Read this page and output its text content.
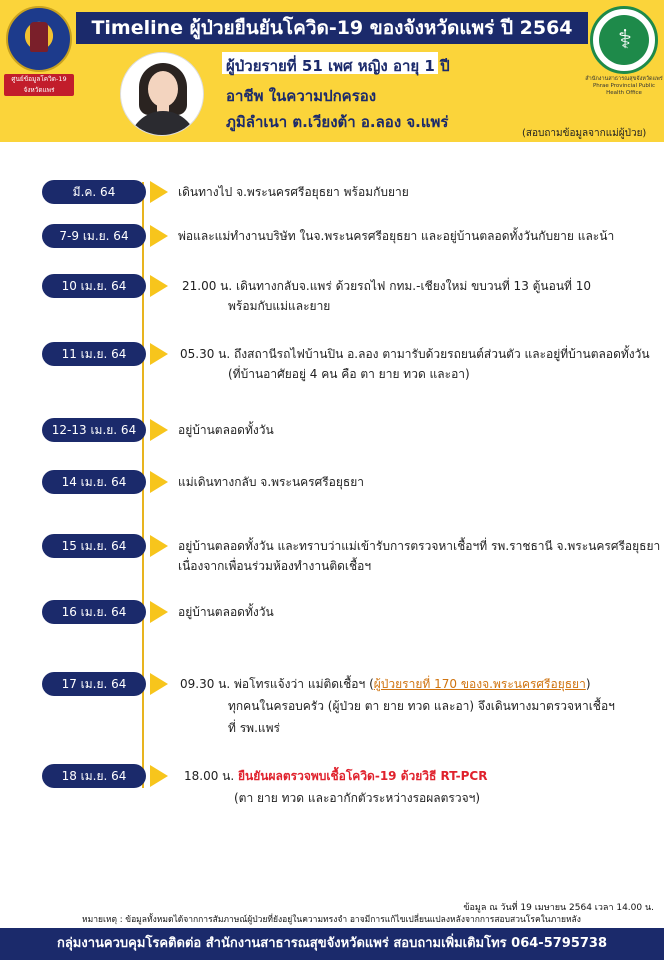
ศูนย์ข้อมูลโควิด-19 จังหวัดแพร่
Timeline ผู้ป่วยยืนยันโควิด-19 ของจังหวัดแพร่ ปี 2564	⚕
สำนักงานสาธารณสุขจังหวัดแพร่ Phrae Provincial Public Health Office
ผู้ป่วยรายที่ 51 เพศ หญิง อายุ 1 ปี
อาชีพ ในความปกครอง
ภูมิลำเนา ต.เวียงต้า อ.ลอง จ.แพร่
(สอบถามข้อมูลจากแม่ผู้ป่วย)
มี.ค. 64	เดินทางไป จ.พระนครศรีอยุธยา พร้อมกับยาย
7-9 เม.ย. 64	พ่อและแม่ทำงานบริษัท ในจ.พระนครศรีอยุธยา และอยู่บ้านตลอดทั้งวันกับยาย และน้า
10 เม.ย. 64	21.00 น. เดินทางกลับจ.แพร่ ด้วยรถไฟ กทม.-เชียงใหม่ ขบวนที่ 13 ตู้นอนที่ 10
พร้อมกับแม่และยาย
11 เม.ย. 64	05.30 น. ถึงสถานีรถไฟบ้านปิน อ.ลอง ตามารับด้วยรถยนต์ส่วนตัว และอยู่ที่บ้านตลอดทั้งวัน
(ที่บ้านอาศัยอยู่ 4 คน คือ ตา ยาย ทวด และอา)
12-13 เม.ย. 64	อยู่บ้านตลอดทั้งวัน
14 เม.ย. 64	แม่เดินทางกลับ จ.พระนครศรีอยุธยา
15 เม.ย. 64	อยู่บ้านตลอดทั้งวัน และทราบว่าแม่เข้ารับการตรวจหาเชื้อฯที่ รพ.ราชธานี จ.พระนครศรีอยุธยา
เนื่องจากเพื่อนร่วมห้องทำงานติดเชื้อฯ
16 เม.ย. 64	อยู่บ้านตลอดทั้งวัน
17 เม.ย. 64	09.30 น. พ่อโทรแจ้งว่า แม่ติดเชื้อฯ (ผู้ป่วยรายที่ 170 ของจ.พระนครศรีอยุธยา)
ทุกคนในครอบครัว (ผู้ป่วย ตา ยาย ทวด และอา) จึงเดินทางมาตรวจหาเชื้อฯ
ที่ รพ.แพร่
18 เม.ย. 64	18.00 น. ยืนยันผลตรวจพบเชื้อโควิด-19 ด้วยวิธี RT-PCR
(ตา ยาย ทวด และอากักตัวระหว่างรอผลตรวจฯ)
ข้อมูล ณ วันที่ 19 เมษายน 2564 เวลา 14.00 น.
หมายเหตุ : ข้อมูลทั้งหมดได้จากการสัมภาษณ์ผู้ป่วยที่ยังอยู่ในความทรงจำ อาจมีการแก้ไขเปลี่ยนแปลงหลังจากการสอบสวนโรคในภายหลัง
กลุ่มงานควบคุมโรคติดต่อ สำนักงานสาธารณสุขจังหวัดแพร่ สอบถามเพิ่มเติมโทร 064-5795738
